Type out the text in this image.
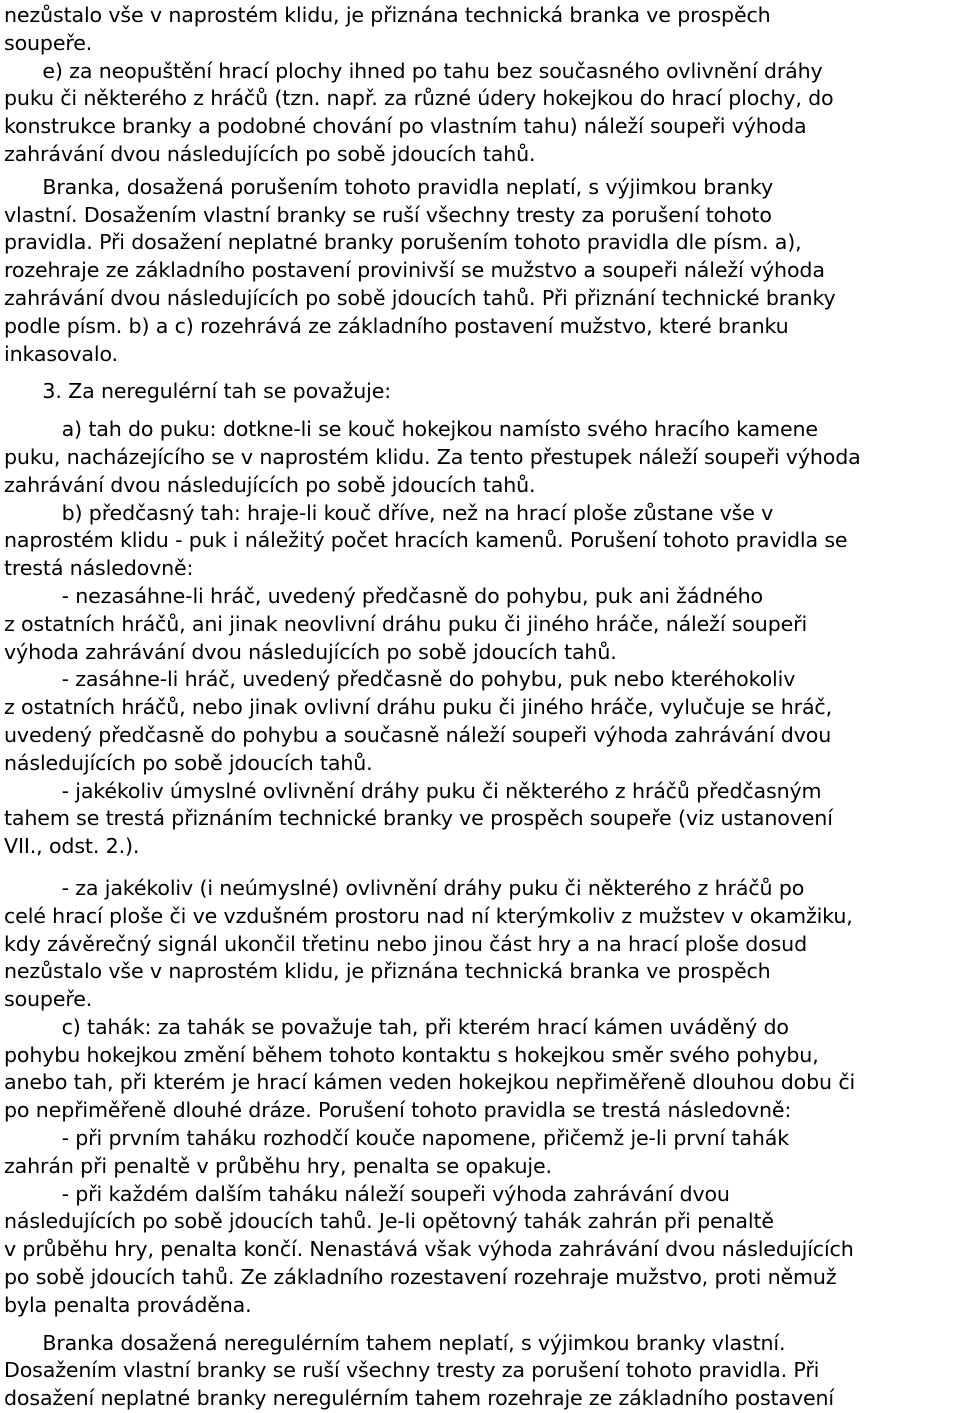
nezůstalo vše v naprostém klidu, je přiznána technická branka ve prospěch
soupeře.
e) za neopuštění hrací plochy ihned po tahu bez současného ovlivnění dráhy
puku či některého z hráčů (tzn. např. za různé údery hokejkou do hrací plochy, do
konstrukce branky a podobné chování po vlastním tahu) náleží soupeři výhoda
zahrávání dvou následujících po sobě jdoucích tahů.
Branka, dosažená porušením tohoto pravidla neplatí, s výjimkou branky
vlastní. Dosažením vlastní branky se ruší všechny tresty za porušení tohoto
pravidla. Při dosažení neplatné branky porušením tohoto pravidla dle písm. a),
rozehraje ze základního postavení provinivší se mužstvo a soupeři náleží výhoda
zahrávání dvou následujících po sobě jdoucích tahů. Při přiznání technické branky
podle písm. b) a c) rozehrává ze základního postavení mužstvo, které branku
inkasovalo.
3. Za neregulérní tah se považuje:
a) tah do puku: dotkne-li se kouč hokejkou namísto svého hracího kamene
puku, nacházejícího se v naprostém klidu. Za tento přestupek náleží soupeři výhoda
zahrávání dvou následujících po sobě jdoucích tahů.
b) předčasný tah: hraje-li kouč dříve, než na hrací ploše zůstane vše v
naprostém klidu - puk i náležitý počet hracích kamenů. Porušení tohoto pravidla se
trestá následovně:
- nezasáhne-li hráč, uvedený předčasně do pohybu, puk ani žádného
z ostatních hráčů, ani jinak neovlivní dráhu puku či jiného hráče, náleží soupeři
výhoda zahrávání dvou následujících po sobě jdoucích tahů.
- zasáhne-li hráč, uvedený předčasně do pohybu, puk nebo kteréhokoliv
z ostatních hráčů, nebo jinak ovlivní dráhu puku či jiného hráče, vylučuje se hráč,
uvedený předčasně do pohybu a současně náleží soupeři výhoda zahrávání dvou
následujících po sobě jdoucích tahů.
- jakékoliv úmyslné ovlivnění dráhy puku či některého z hráčů předčasným
tahem se trestá přiznáním technické branky ve prospěch soupeře (viz ustanovení
VII., odst. 2.).
- za jakékoliv (i neúmyslné) ovlivnění dráhy puku či některého z hráčů po
celé hrací ploše či ve vzdušném prostoru nad ní kterýmkoliv z mužstev v okamžiku,
kdy závěrečný signál ukončil třetinu nebo jinou část hry a na hrací ploše dosud
nezůstalo vše v naprostém klidu, je přiznána technická branka ve prospěch
soupeře.
c) tahák: za tahák se považuje tah, při kterém hrací kámen uváděný do
pohybu hokejkou změní během tohoto kontaktu s hokejkou směr svého pohybu,
anebo tah, při kterém je hrací kámen veden hokejkou nepřiměřeně dlouhou dobu či
po nepřiměřeně dlouhé dráze. Porušení tohoto pravidla se trestá následovně:
- při prvním taháku rozhodčí kouče napomene, přičemž je-li první tahák
zahrán při penaltě v průběhu hry, penalta se opakuje.
- při každém dalším taháku náleží soupeři výhoda zahrávání dvou
následujících po sobě jdoucích tahů. Je-li opětovný tahák zahrán při penaltě
v průběhu hry, penalta končí. Nenastává však výhoda zahrávání dvou následujících
po sobě jdoucích tahů. Ze základního rozestavení rozehraje mužstvo, proti němuž
byla penalta prováděna.
Branka dosažená neregulérním tahem neplatí, s výjimkou branky vlastní.
Dosažením vlastní branky se ruší všechny tresty za porušení tohoto pravidla. Při
dosažení neplatné branky neregulérním tahem rozehraje ze základního postavení
